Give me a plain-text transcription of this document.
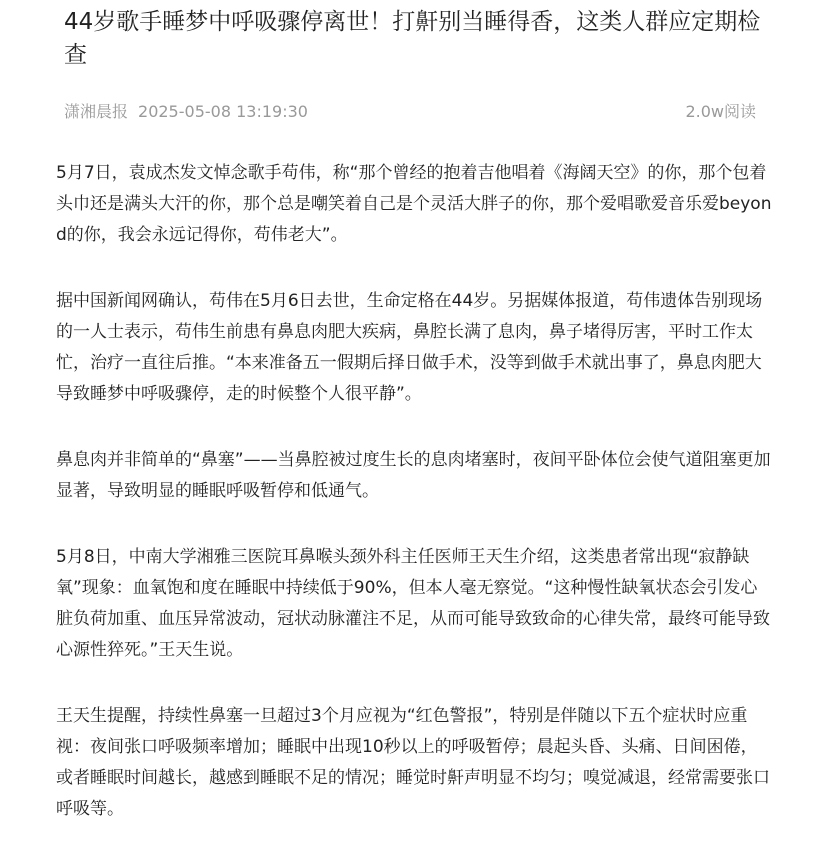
44岁歌手睡梦中呼吸骤停离世！打鼾别当睡得香，这类人群应定期检查
潇湘晨报 2025-05-08 13:19:30	2.0w阅读

5月7日，袁成杰发文悼念歌手苟伟，称“那个曾经的抱着吉他唱着《海阔天空》的你，那个包着头巾还是满头大汗的你，那个总是嘲笑着自己是个灵活大胖子的你，那个爱唱歌爱音乐爱beyond的你，我会永远记得你，苟伟老大”。

据中国新闻网确认，苟伟在5月6日去世，生命定格在44岁。另据媒体报道，苟伟遗体告别现场的一人士表示，苟伟生前患有鼻息肉肥大疾病，鼻腔长满了息肉，鼻子堵得厉害，平时工作太忙，治疗一直往后推。“本来准备五一假期后择日做手术，没等到做手术就出事了，鼻息肉肥大导致睡梦中呼吸骤停，走的时候整个人很平静”。

鼻息肉并非简单的“鼻塞”——当鼻腔被过度生长的息肉堵塞时，夜间平卧体位会使气道阻塞更加显著，导致明显的睡眠呼吸暂停和低通气。

5月8日，中南大学湘雅三医院耳鼻喉头颈外科主任医师王天生介绍，这类患者常出现“寂静缺氧”现象：血氧饱和度在睡眠中持续低于90%，但本人毫无察觉。“这种慢性缺氧状态会引发心脏负荷加重、血压异常波动，冠状动脉灌注不足，从而可能导致致命的心律失常，最终可能导致心源性猝死。”王天生说。

王天生提醒，持续性鼻塞一旦超过3个月应视为“红色警报”，特别是伴随以下五个症状时应重视：夜间张口呼吸频率增加；睡眠中出现10秒以上的呼吸暂停；晨起头昏、头痛、日间困倦，或者睡眠时间越长，越感到睡眠不足的情况；睡觉时鼾声明显不均匀；嗅觉减退，经常需要张口呼吸等。
